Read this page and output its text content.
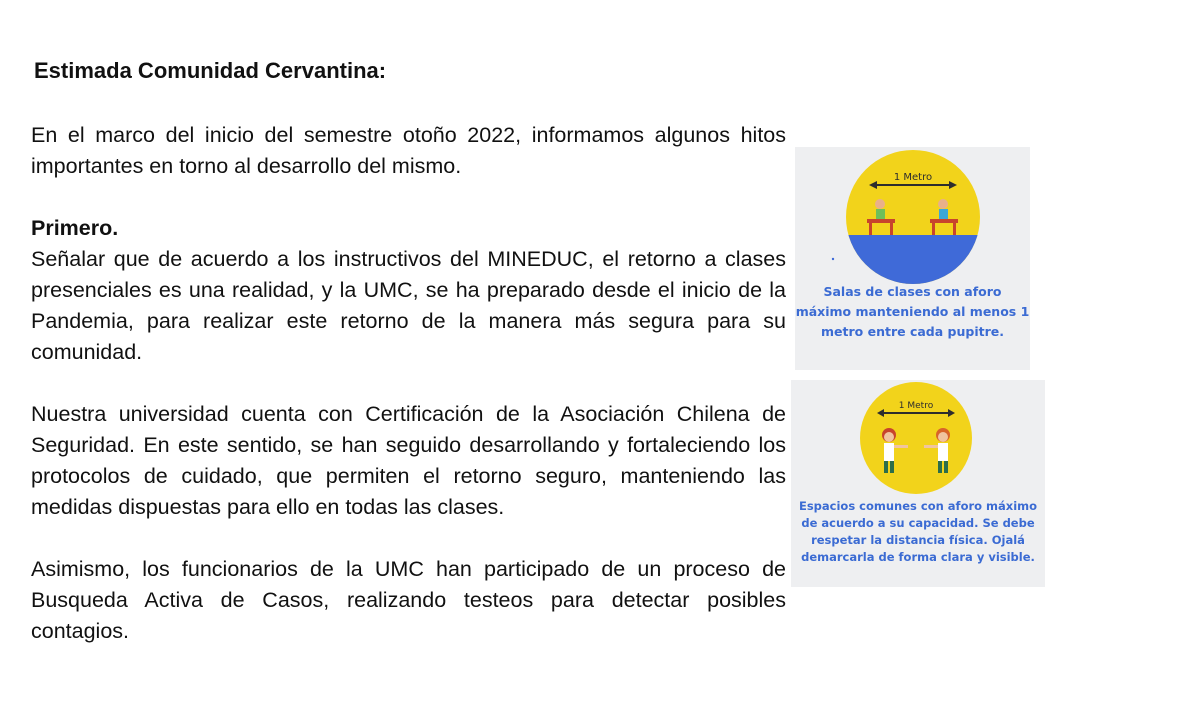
Estimada Comunidad Cervantina:

En el marco del inicio del semestre otoño 2022, informamos algunos hitos importantes en torno al desarrollo del mismo.

Primero.

Señalar que de acuerdo a los instructivos del MINEDUC, el retorno a clases presenciales es una realidad, y la UMC, se ha preparado desde el inicio de la Pandemia, para realizar este retorno de la manera más segura para su comunidad.

Nuestra universidad cuenta con Certificación de la Asociación Chilena de Seguridad. En este sentido, se han seguido desarrollando y fortaleciendo los protocolos de cuidado, que permiten el retorno seguro, manteniendo las medidas dispuestas para ello en todas las clases.

Asimismo, los funcionarios de la UMC han participado de un proceso de Busqueda Activa de Casos, realizando testeos para detectar posibles contagios.

1 Metro
Salas de clases con aforo máximo manteniendo al menos 1 metro entre cada pupitre.
1 Metro
Espacios comunes con aforo máximo de acuerdo a su capacidad. Se debe respetar la distancia física. Ojalá demarcarla de forma clara y visible.
